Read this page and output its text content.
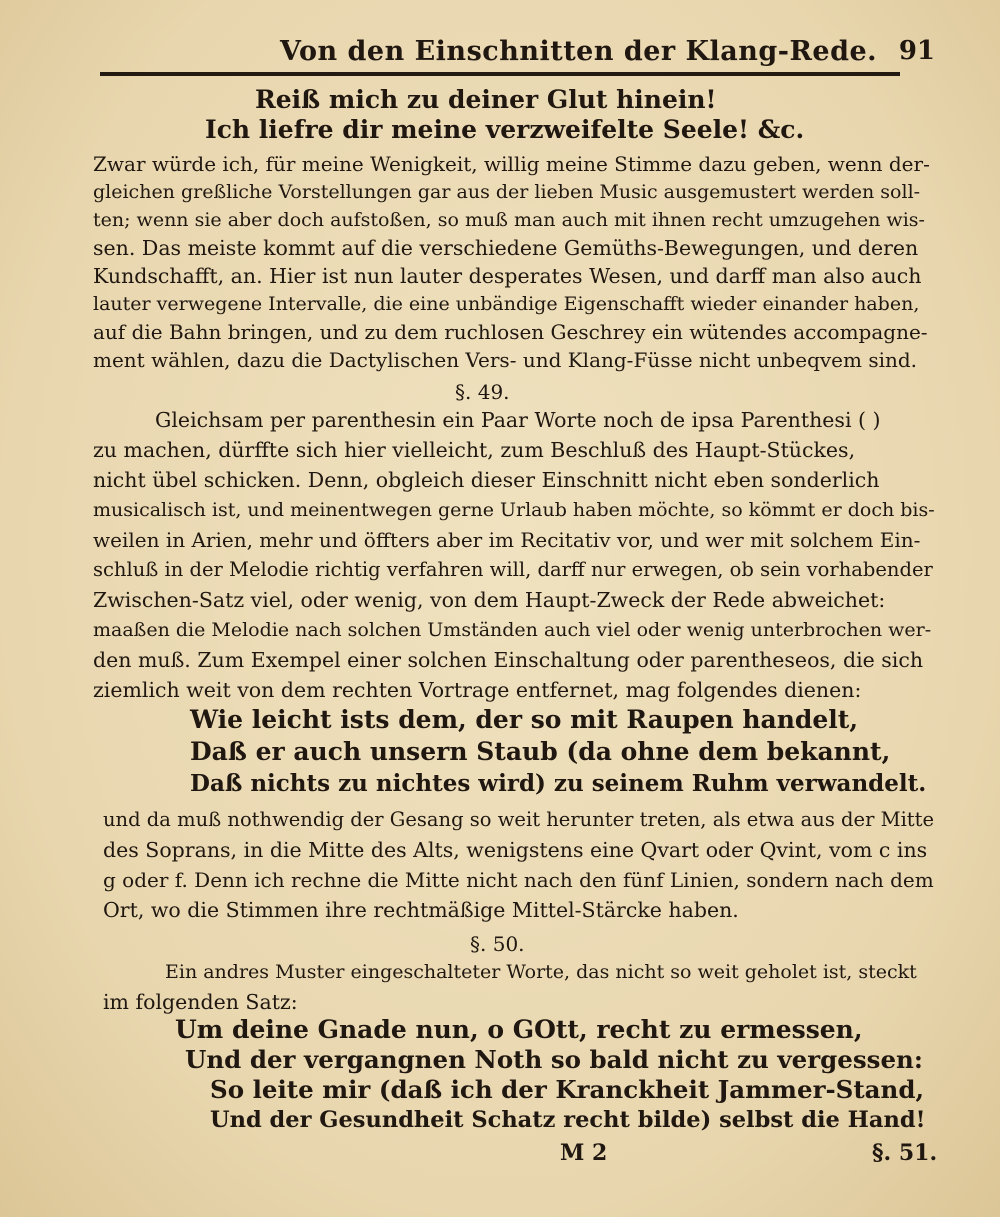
Von den Einschnitten der Klang-Rede. 91
Reiß mich zu deiner Glut hinein!
Ich liefre dir meine verzweifelte Seele! &c.
Zwar würde ich, für meine Wenigkeit, willig meine Stimme dazu geben, wenn der-
gleichen greßliche Vorstellungen gar aus der lieben Music ausgemustert werden soll-
ten; wenn sie aber doch aufstoßen, so muß man auch mit ihnen recht umzugehen wis-
sen. Das meiste kommt auf die verschiedene Gemüths-Bewegungen, und deren
Kundschafft, an. Hier ist nun lauter desperates Wesen, und darff man also auch
lauter verwegene Intervalle, die eine unbändige Eigenschafft wieder einander haben,
auf die Bahn bringen, und zu dem ruchlosen Geschrey ein wütendes accompagne-
ment wählen, dazu die Dactylischen Vers- und Klang-Füsse nicht unbeqvem sind.
§. 49.
Gleichsam per parenthesin ein Paar Worte noch de ipsa Parenthesi ( )
zu machen, dürffte sich hier vielleicht, zum Beschluß des Haupt-Stückes,
nicht übel schicken. Denn, obgleich dieser Einschnitt nicht eben sonderlich
musicalisch ist, und meinentwegen gerne Urlaub haben möchte, so kömmt er doch bis-
weilen in Arien, mehr und öffters aber im Recitativ vor, und wer mit solchem Ein-
schluß in der Melodie richtig verfahren will, darff nur erwegen, ob sein vorhabender
Zwischen-Satz viel, oder wenig, von dem Haupt-Zweck der Rede abweichet:
maaßen die Melodie nach solchen Umständen auch viel oder wenig unterbrochen wer-
den muß. Zum Exempel einer solchen Einschaltung oder parentheseos, die sich
ziemlich weit von dem rechten Vortrage entfernet, mag folgendes dienen:
Wie leicht ists dem, der so mit Raupen handelt,
Daß er auch unsern Staub (da ohne dem bekannt,
Daß nichts zu nichtes wird) zu seinem Ruhm verwandelt.
und da muß nothwendig der Gesang so weit herunter treten, als etwa aus der Mitte
des Soprans, in die Mitte des Alts, wenigstens eine Qvart oder Qvint, vom c ins
g oder f. Denn ich rechne die Mitte nicht nach den fünf Linien, sondern nach dem
Ort, wo die Stimmen ihre rechtmäßige Mittel-Stärcke haben.
§. 50.
Ein andres Muster eingeschalteter Worte, das nicht so weit geholet ist, steckt
im folgenden Satz:
Um deine Gnade nun, o GOtt, recht zu ermessen,
Und der vergangnen Noth so bald nicht zu vergessen:
So leite mir (daß ich der Kranckheit Jammer-Stand,
Und der Gesundheit Schatz recht bilde) selbst die Hand!
M 2	§. 51.
